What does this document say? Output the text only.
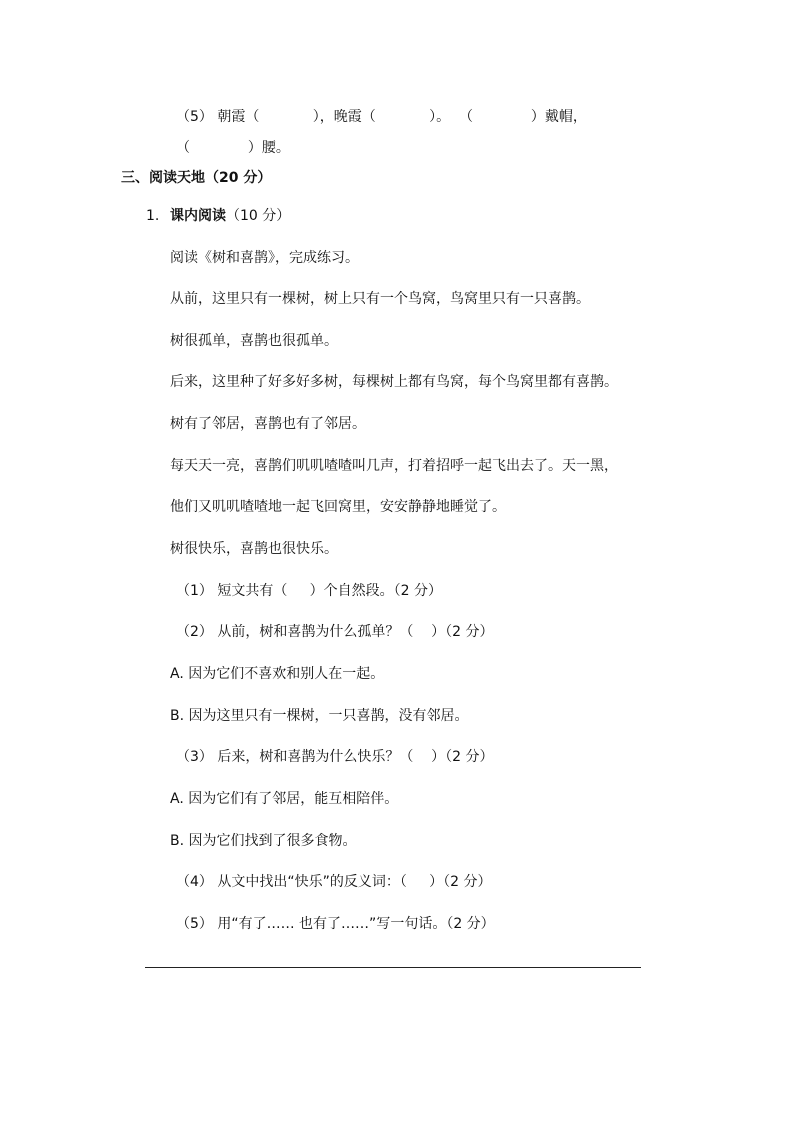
（5） 朝霞（            ），晚霞（            ）。  （             ）戴帽，
（             ）腰。
三、阅读天地（20 分）
1. 课内阅读（10 分）
阅读《树和喜鹊》，完成练习。
从前，这里只有一棵树，树上只有一个鸟窝，鸟窝里只有一只喜鹊。
树很孤单，喜鹊也很孤单。
后来，这里种了好多好多树，每棵树上都有鸟窝，每个鸟窝里都有喜鹊。
树有了邻居，喜鹊也有了邻居。
每天天一亮，喜鹊们叽叽喳喳叫几声，打着招呼一起飞出去了。天一黑，
他们又叽叽喳喳地一起飞回窝里，安安静静地睡觉了。
树很快乐，喜鹊也很快乐。
（1） 短文共有（     ）个自然段。（2 分）
（2） 从前，树和喜鹊为什么孤单？（    ）（2 分）
A. 因为它们不喜欢和别人在一起。
B. 因为这里只有一棵树，一只喜鹊，没有邻居。
（3） 后来，树和喜鹊为什么快乐？（    ）（2 分）
A. 因为它们有了邻居，能互相陪伴。
B. 因为它们找到了很多食物。
（4） 从文中找出“快乐”的反义词：（     ）（2 分）
（5） 用“有了…… 也有了……”写一句话。（2 分）
